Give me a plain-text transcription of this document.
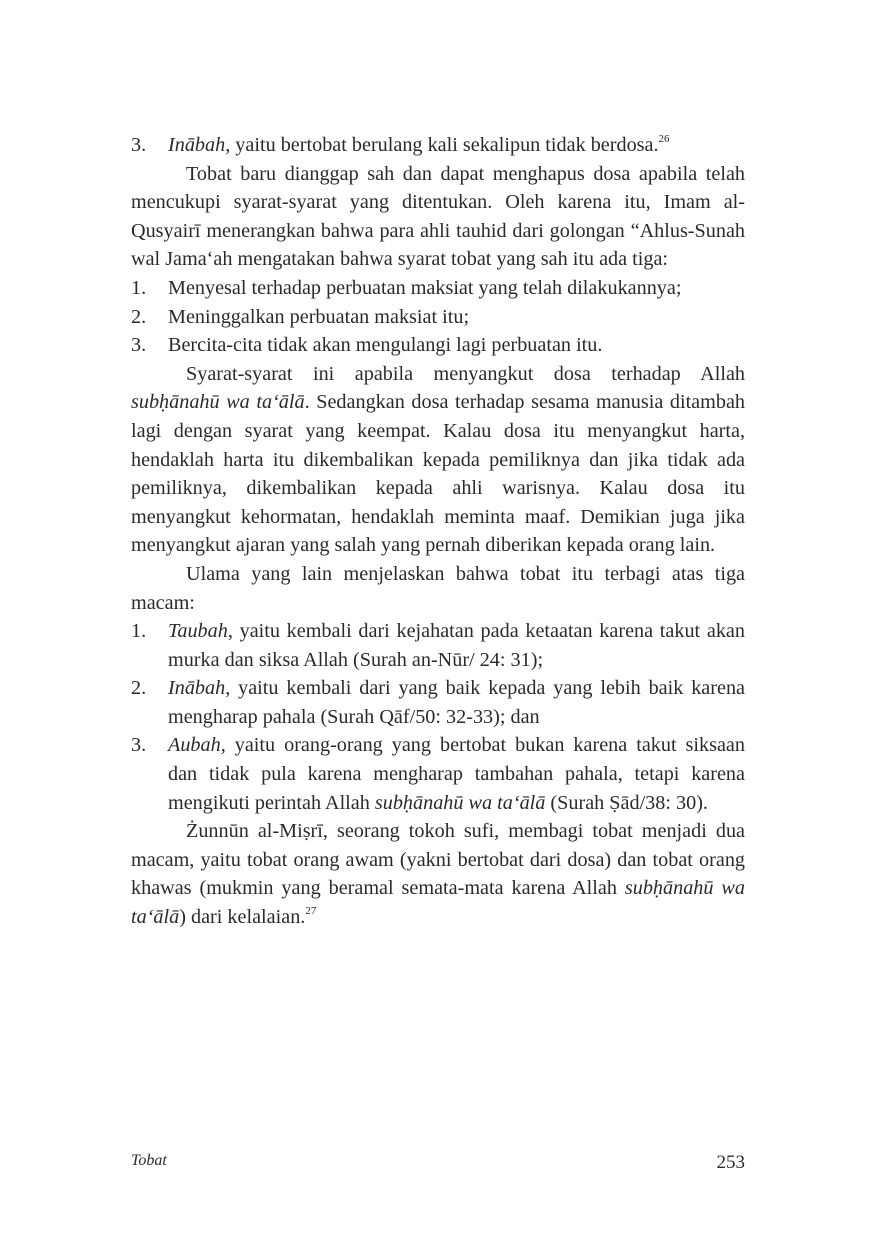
3.	Inābah, yaitu bertobat berulang kali sekalipun tidak berdosa.$^{26}$

Tobat baru dianggap sah dan dapat menghapus dosa apabila telah mencukupi syarat-syarat yang ditentukan. Oleh karena itu, Imam al-Qusyairī menerangkan bahwa para ahli tauhid dari golongan “Ahlus-Sunah wal Jama‘ah mengatakan bahwa syarat tobat yang sah itu ada tiga:

1.	Menyesal terhadap perbuatan maksiat yang telah dilakukannya;
2.	Meninggalkan perbuatan maksiat itu;
3.	Bercita-cita tidak akan mengulangi lagi perbuatan itu.

Syarat-syarat ini apabila menyangkut dosa terhadap Allah subḥānahū wa ta‘ālā. Sedangkan dosa terhadap sesama manusia ditambah lagi dengan syarat yang keempat. Kalau dosa itu menyangkut harta, hendaklah harta itu dikembalikan kepada pemiliknya dan jika tidak ada pemiliknya, dikembalikan kepada ahli warisnya. Kalau dosa itu menyangkut kehormatan, hendaklah meminta maaf. Demikian juga jika menyangkut ajaran yang salah yang pernah diberikan kepada orang lain.

Ulama yang lain menjelaskan bahwa tobat itu terbagi atas tiga macam:

1.	Taubah, yaitu kembali dari kejahatan pada ketaatan karena takut akan murka dan siksa Allah (Surah an-Nūr/ 24: 31);
2.	Inābah, yaitu kembali dari yang baik kepada yang lebih baik karena mengharap pahala (Surah Qāf/50: 32-33); dan
3.	Aubah, yaitu orang-orang yang bertobat bukan karena takut siksaan dan tidak pula karena mengharap tambahan pahala, tetapi karena mengikuti perintah Allah subḥānahū wa ta‘ālā (Surah Ṣād/38: 30).

Żunnūn al-Miṣrī, seorang tokoh sufi, membagi tobat menjadi dua macam, yaitu tobat orang awam (yakni bertobat dari dosa) dan tobat orang khawas (mukmin yang beramal semata-mata karena Allah subḥānahū wa ta‘ālā) dari kelalaian.$^{27}$

Tobat	253
